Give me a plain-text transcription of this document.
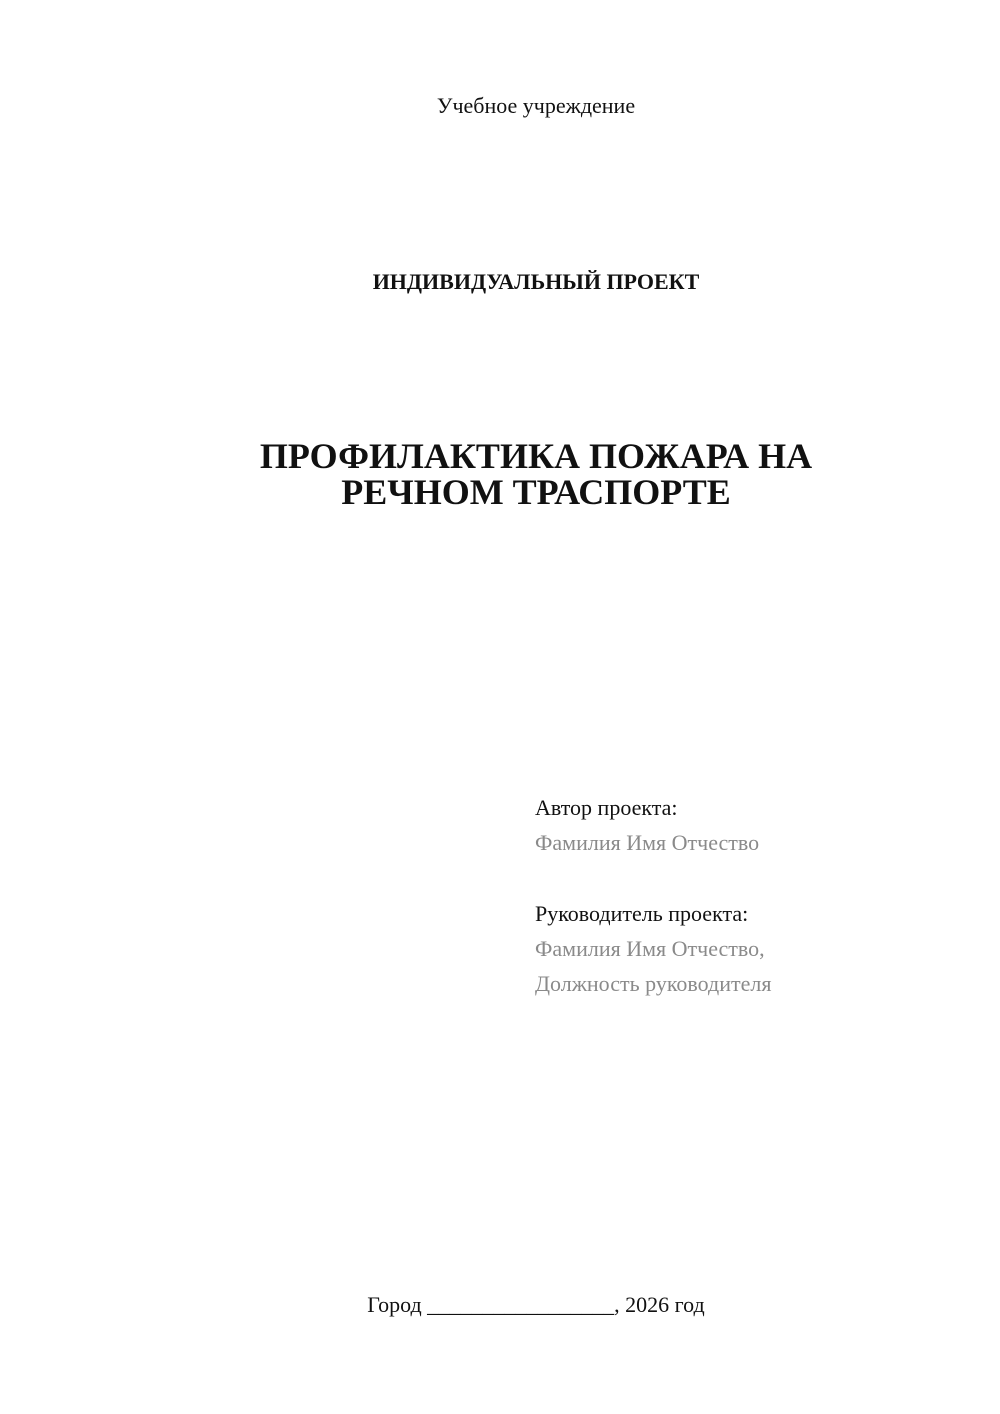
Учебное учреждение
ИНДИВИДУАЛЬНЫЙ ПРОЕКТ
ПРОФИЛАКТИКА ПОЖАРА НА
РЕЧНОМ ТРАСПОРТЕ
Автор проекта:
Фамилия Имя Отчество
Руководитель проекта:
Фамилия Имя Отчество,
Должность руководителя
Город _________________, 2026 год
